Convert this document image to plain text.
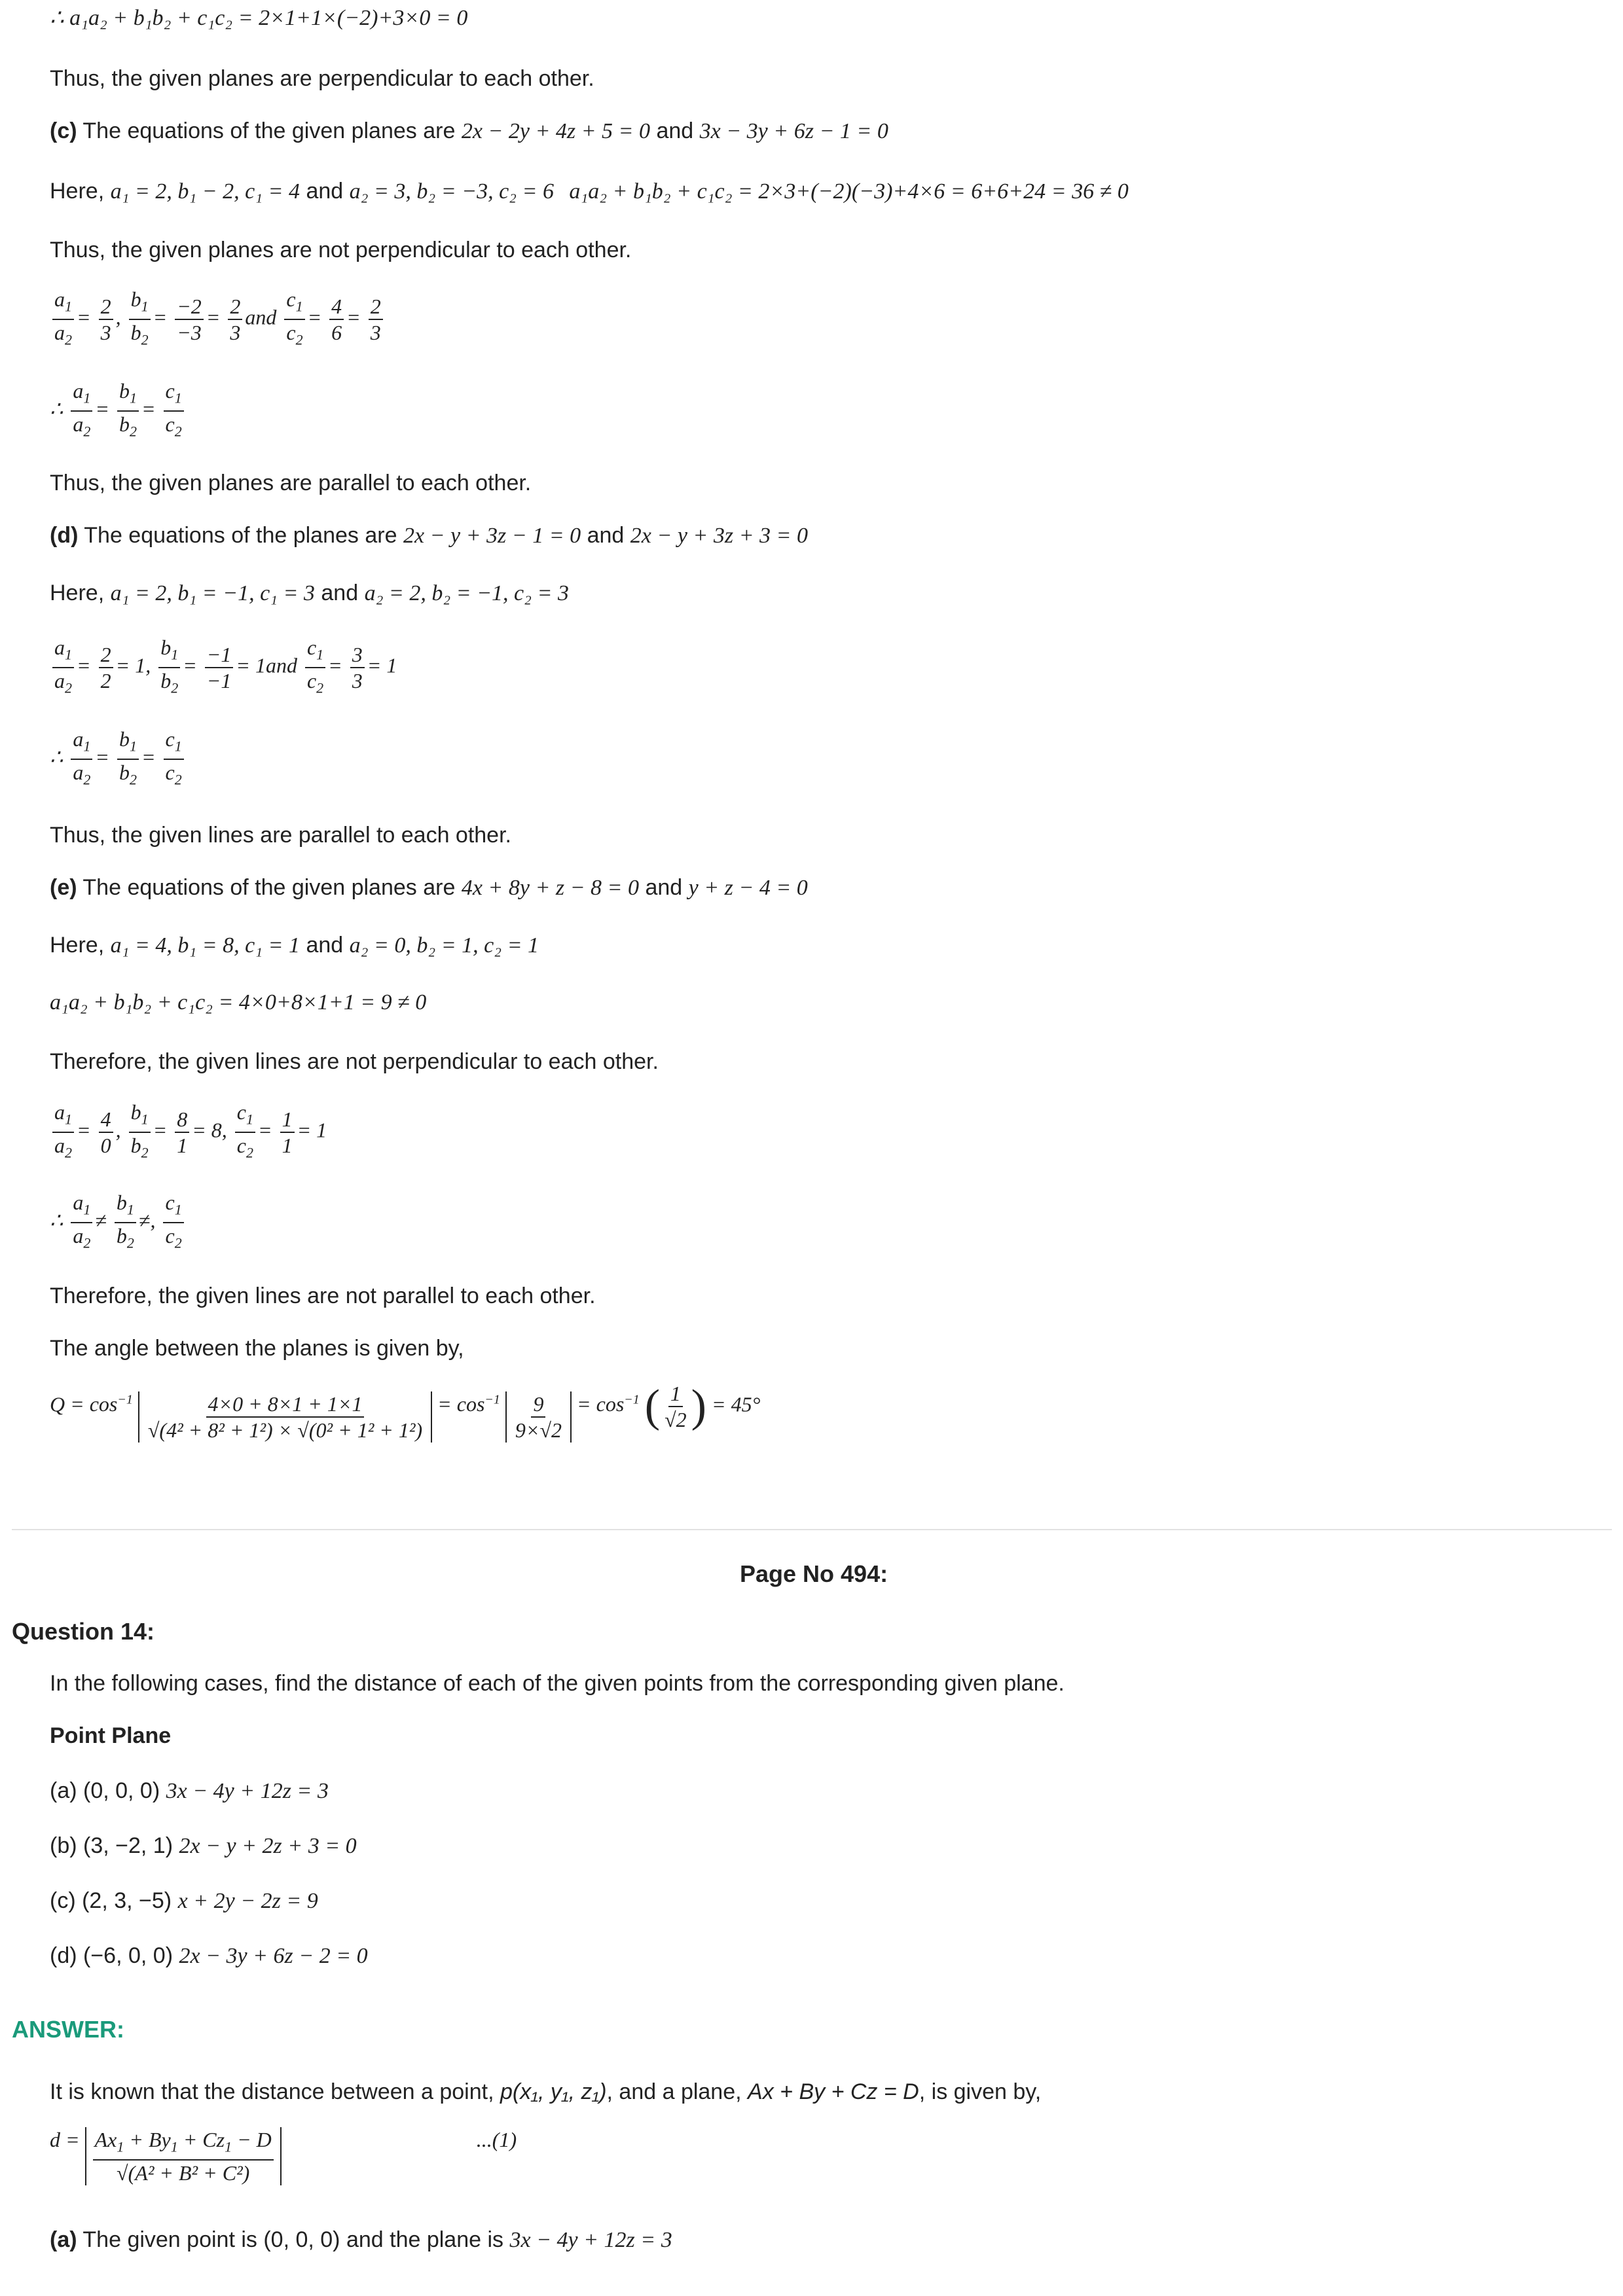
∴ a₁a₂ + b₁b₂ + c₁c₂ = 2×1+1×(−2)+3×0 = 0
Thus, the given planes are perpendicular to each other.
(c) The equations of the given planes are 2x − 2y + 4z + 5 = 0 and 3x − 3y + 6z − 1 = 0
Here, a₁ = 2, b₁ − 2, c₁ = 4 and a₂ = 3, b₂ = −3, c₂ = 6 a₁a₂ + b₁b₂ + c₁c₂ = 2×3+(−2)(−3)+4×6 = 6+6+24 = 36 ≠ 0
Thus, the given planes are not perpendicular to each other.
$\frac{a_1}{a_2} = \frac{2}{3}$ , $\frac{b_1}{b_2} = \frac{-2}{-3} = \frac{2}{3}$ and $\frac{c_1}{c_2} = \frac{4}{6} = \frac{2}{3}$
∴ $\frac{a_1}{a_2} = \frac{b_1}{b_2} = \frac{c_1}{c_2}$
Thus, the given planes are parallel to each other.
(d) The equations of the planes are 2x − y + 3z − 1 = 0 and 2x − y + 3z + 3 = 0
Here, a₁ = 2, b₁ = −1, c₁ = 3 and a₂ = 2, b₂ = −1, c₂ = 3
$\frac{a_1}{a_2} = \frac{2}{2} = 1$, $\frac{b_1}{b_2} = \frac{-1}{-1} = 1and \frac{c_1}{c_2} = \frac{3}{3} = 1$
∴ $\frac{a_1}{a_2} = \frac{b_1}{b_2} = \frac{c_1}{c_2}$
Thus, the given lines are parallel to each other.
(e) The equations of the given planes are 4x + 8y + z − 8 = 0 and y + z − 4 = 0
Here, a₁ = 4, b₁ = 8, c₁ = 1 and a₂ = 0, b₂ = 1, c₂ = 1
a₁a₂ + b₁b₂ + c₁c₂ = 4×0+8×1+1 = 9 ≠ 0
Therefore, the given lines are not perpendicular to each other.
$\frac{a_1}{a_2} = \frac{4}{0}$ , $\frac{b_1}{b_2} = \frac{8}{1} = 8$, $\frac{c_1}{c_2} = \frac{1}{1} = 1$
∴ $\frac{a_1}{a_2} \ne \frac{b_1}{b_2}$ ≠, $\frac{c_1}{c_2}$
Therefore, the given lines are not parallel to each other.
The angle between the planes is given by,
$Q = \cos^{-1} \frac{4\times 0 + 8\times 1 + 1\times 1}{\text{√(4² + 8² + 1²) × √(0² + 1² + 1²)}} = \cos^{-1} \frac{9}{9\times√2} = \cos^{-1}$ ( $\frac{1}{√2}$ ) = 45°
Page No 494:
Question 14:
In the following cases, find the distance of each of the given points from the corresponding given plane.
Point Plane
(a) (0, 0, 0) 3x − 4y + 12z = 3
(b) (3, −2, 1) 2x − y + 2z + 3 = 0
(c) (2, 3, −5) x + 2y − 2z = 9
(d) (−6, 0, 0) 2x − 3y + 6z − 2 = 0
ANSWER:
It is known that the distance between a point, p(x₁, y₁, z₁), and a plane, Ax + By + Cz = D, is given by,
$d = \frac{Ax_1 + By_1 + Cz_1 - D}{\text{√(A² + B² + C²)}}$	...(1)
(a) The given point is (0, 0, 0) and the plane is 3x − 4y + 12z = 3
